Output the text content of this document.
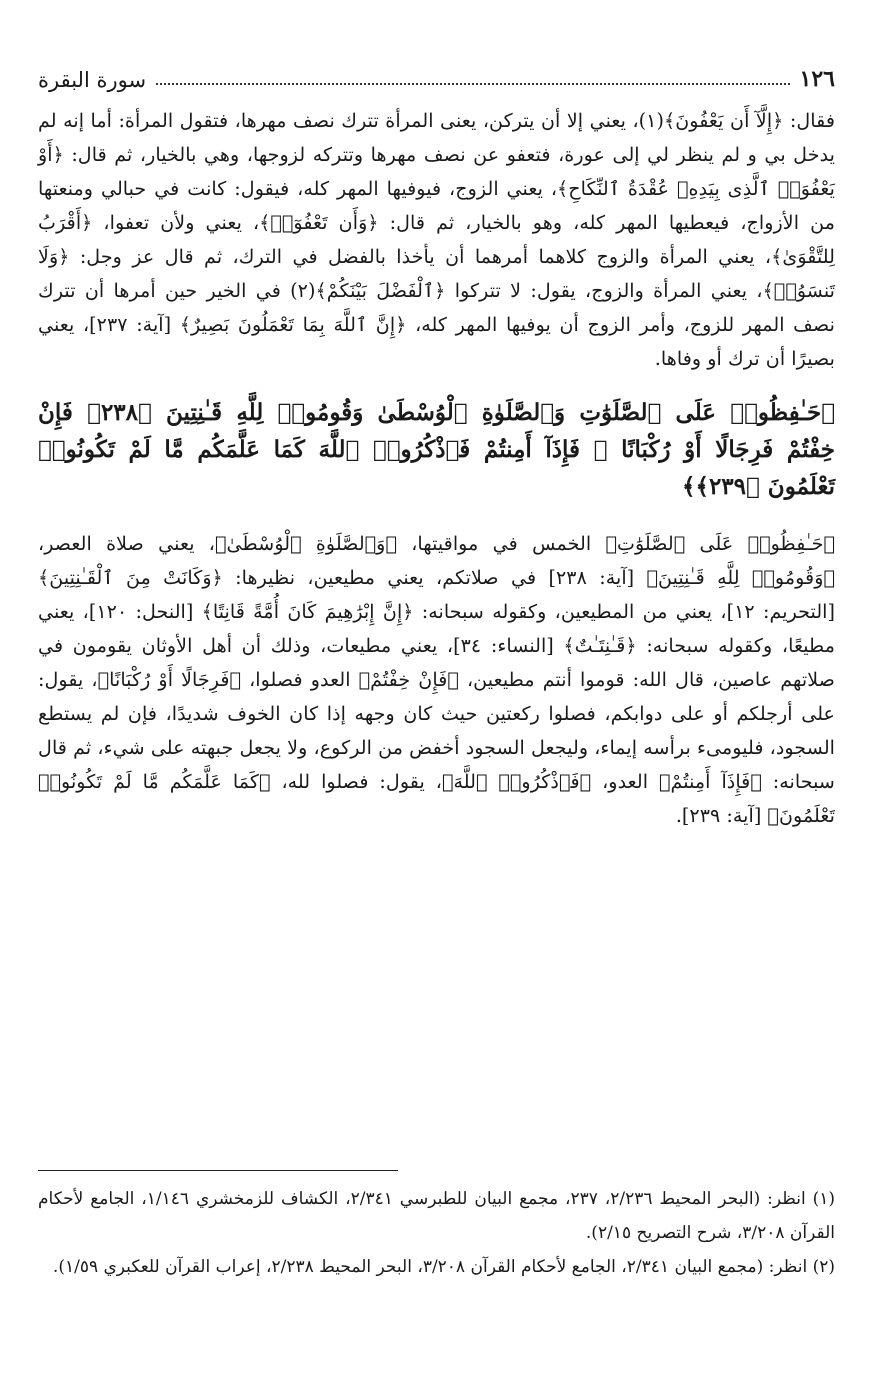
١٢٦
سورة البقرة

فقال: ﴿إِلَّآ أَن يَعْفُونَ﴾(١)، يعني إلا أن يتركن، يعنى المرأة تترك نصف مهرها، فتقول المرأة: أما إنه لم يدخل بي و لم ينظر لي إلى عورة، فتعفو عن نصف مهرها وتتركه لزوجها، وهي بالخيار، ثم قال: ﴿أَوْ يَعْفُوَا۟ ٱلَّذِى بِيَدِهِۦ عُقْدَةُ ٱلنِّكَاحِ﴾، يعني الزوج، فيوفيها المهر كله، فيقول: كانت في حبالي ومنعتها من الأزواج، فيعطيها المهر كله، وهو بالخيار، ثم قال: ﴿وَأَن تَعْفُوٓا۟﴾، يعني ولأن تعفوا، ﴿أَقْرَبُ لِلتَّقْوَىٰ﴾، يعني المرأة والزوج كلاهما أمرهما أن يأخذا بالفضل في الترك، ثم قال عز وجل: ﴿وَلَا تَنسَوُا۟﴾، يعني المرأة والزوج، يقول: لا تتركوا ﴿ٱلْفَضْلَ بَيْنَكُمْ﴾(٢) في الخير حين أمرها أن تترك نصف المهر للزوج، وأمر الزوج أن يوفيها المهر كله، ﴿إِنَّ ٱللَّهَ بِمَا تَعْمَلُونَ بَصِيرٌ﴾ [آية: ٢٣٧]، يعني بصيرًا أن ترك أو وفاها.

﴿حَـٰفِظُوا۟ عَلَى ٱلصَّلَوَٰتِ وَٱلصَّلَوٰةِ ٱلْوُسْطَىٰ وَقُومُوا۟ لِلَّهِ قَـٰنِتِينَ ﴿٢٣٨﴾ فَإِنْ خِفْتُمْ فَرِجَالًا أَوْ رُكْبَانًا ۖ فَإِذَآ أَمِنتُمْ فَٱذْكُرُوا۟ ٱللَّهَ كَمَا عَلَّمَكُم مَّا لَمْ تَكُونُوا۟ تَعْلَمُونَ ﴿٢٣٩﴾﴾

﴿حَـٰفِظُوا۟ عَلَى ٱلصَّلَوَٰتِ﴾ الخمس في مواقيتها، ﴿وَٱلصَّلَوٰةِ ٱلْوُسْطَىٰ﴾، يعني صلاة العصر، ﴿وَقُومُوا۟ لِلَّهِ قَـٰنِتِينَ﴾ [آية: ٢٣٨] في صلاتكم، يعني مطيعين، نظيرها: ﴿وَكَانَتْ مِنَ ٱلْقَـٰنِتِينَ﴾ [التحريم: ١٢]، يعني من المطيعين، وكقوله سبحانه: ﴿إِنَّ إِبْرَٰهِيمَ كَانَ أُمَّةً قَانِتًا﴾ [النحل: ١٢٠]، يعني مطيعًا، وكقوله سبحانه: ﴿قَـٰنِتَـٰتٌ﴾ [النساء: ٣٤]، يعني مطيعات، وذلك أن أهل الأوثان يقومون في صلاتهم عاصين، قال الله: قوموا أنتم مطيعين، ﴿فَإِنْ خِفْتُمْ﴾ العدو فصلوا، ﴿فَرِجَالًا أَوْ رُكْبَانًا﴾، يقول: على أرجلكم أو على دوابكم، فصلوا ركعتين حيث كان وجهه إذا كان الخوف شديدًا، فإن لم يستطع السجود، فليومىء برأسه إيماء، وليجعل السجود أخفض من الركوع، ولا يجعل جبهته على شيء، ثم قال سبحانه: ﴿فَإِذَآ أَمِنتُمْ﴾ العدو، ﴿فَٱذْكُرُوا۟ ٱللَّهَ﴾، يقول: فصلوا لله، ﴿كَمَا عَلَّمَكُم مَّا لَمْ تَكُونُوا۟ تَعْلَمُونَ﴾ [آية: ٢٣٩].

(١) انظر: (البحر المحيط ٢/٢٣٦، ٢٣٧، مجمع البيان للطبرسي ٢/٣٤١، الكشاف للزمخشري ١/١٤٦، الجامع لأحكام القرآن ٣/٢٠٨، شرح التصريح ٢/١٥).

(٢) انظر: (مجمع البيان ٢/٣٤١، الجامع لأحكام القرآن ٣/٢٠٨، البحر المحيط ٢/٢٣٨، إعراب القرآن للعكبري ١/٥٩).
